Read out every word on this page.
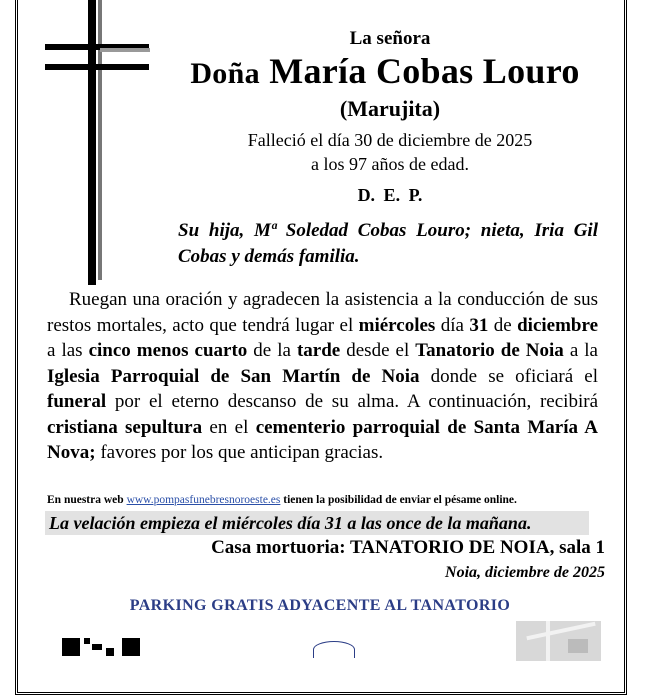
La señora
Doña María Cobas Louro
(Marujita)
Falleció el día 30 de diciembre de 2025
a los 97 años de edad.
D. E. P.
Su hija, Mª Soledad Cobas Louro; nieta, Iria Gil Cobas y demás familia.

Ruegan una oración y agradecen la asistencia a la conducción de sus restos mortales, acto que tendrá lugar el miércoles día 31 de diciembre a las cinco menos cuarto de la tarde desde el Tanatorio de Noia a la Iglesia Parroquial de San Martín de Noia donde se oficiará el funeral por el eterno descanso de su alma. A continuación, recibirá cristiana sepultura en el cementerio parroquial de Santa María A Nova; favores por los que anticipan gracias.

En nuestra web www.pompasfunebresnoroeste.es tienen la posibilidad de enviar el pésame online.
La velación empieza el miércoles día 31 a las once de la mañana.
Casa mortuoria: TANATORIO DE NOIA, sala 1
Noia, diciembre de 2025
PARKING GRATIS ADYACENTE AL TANATORIO
